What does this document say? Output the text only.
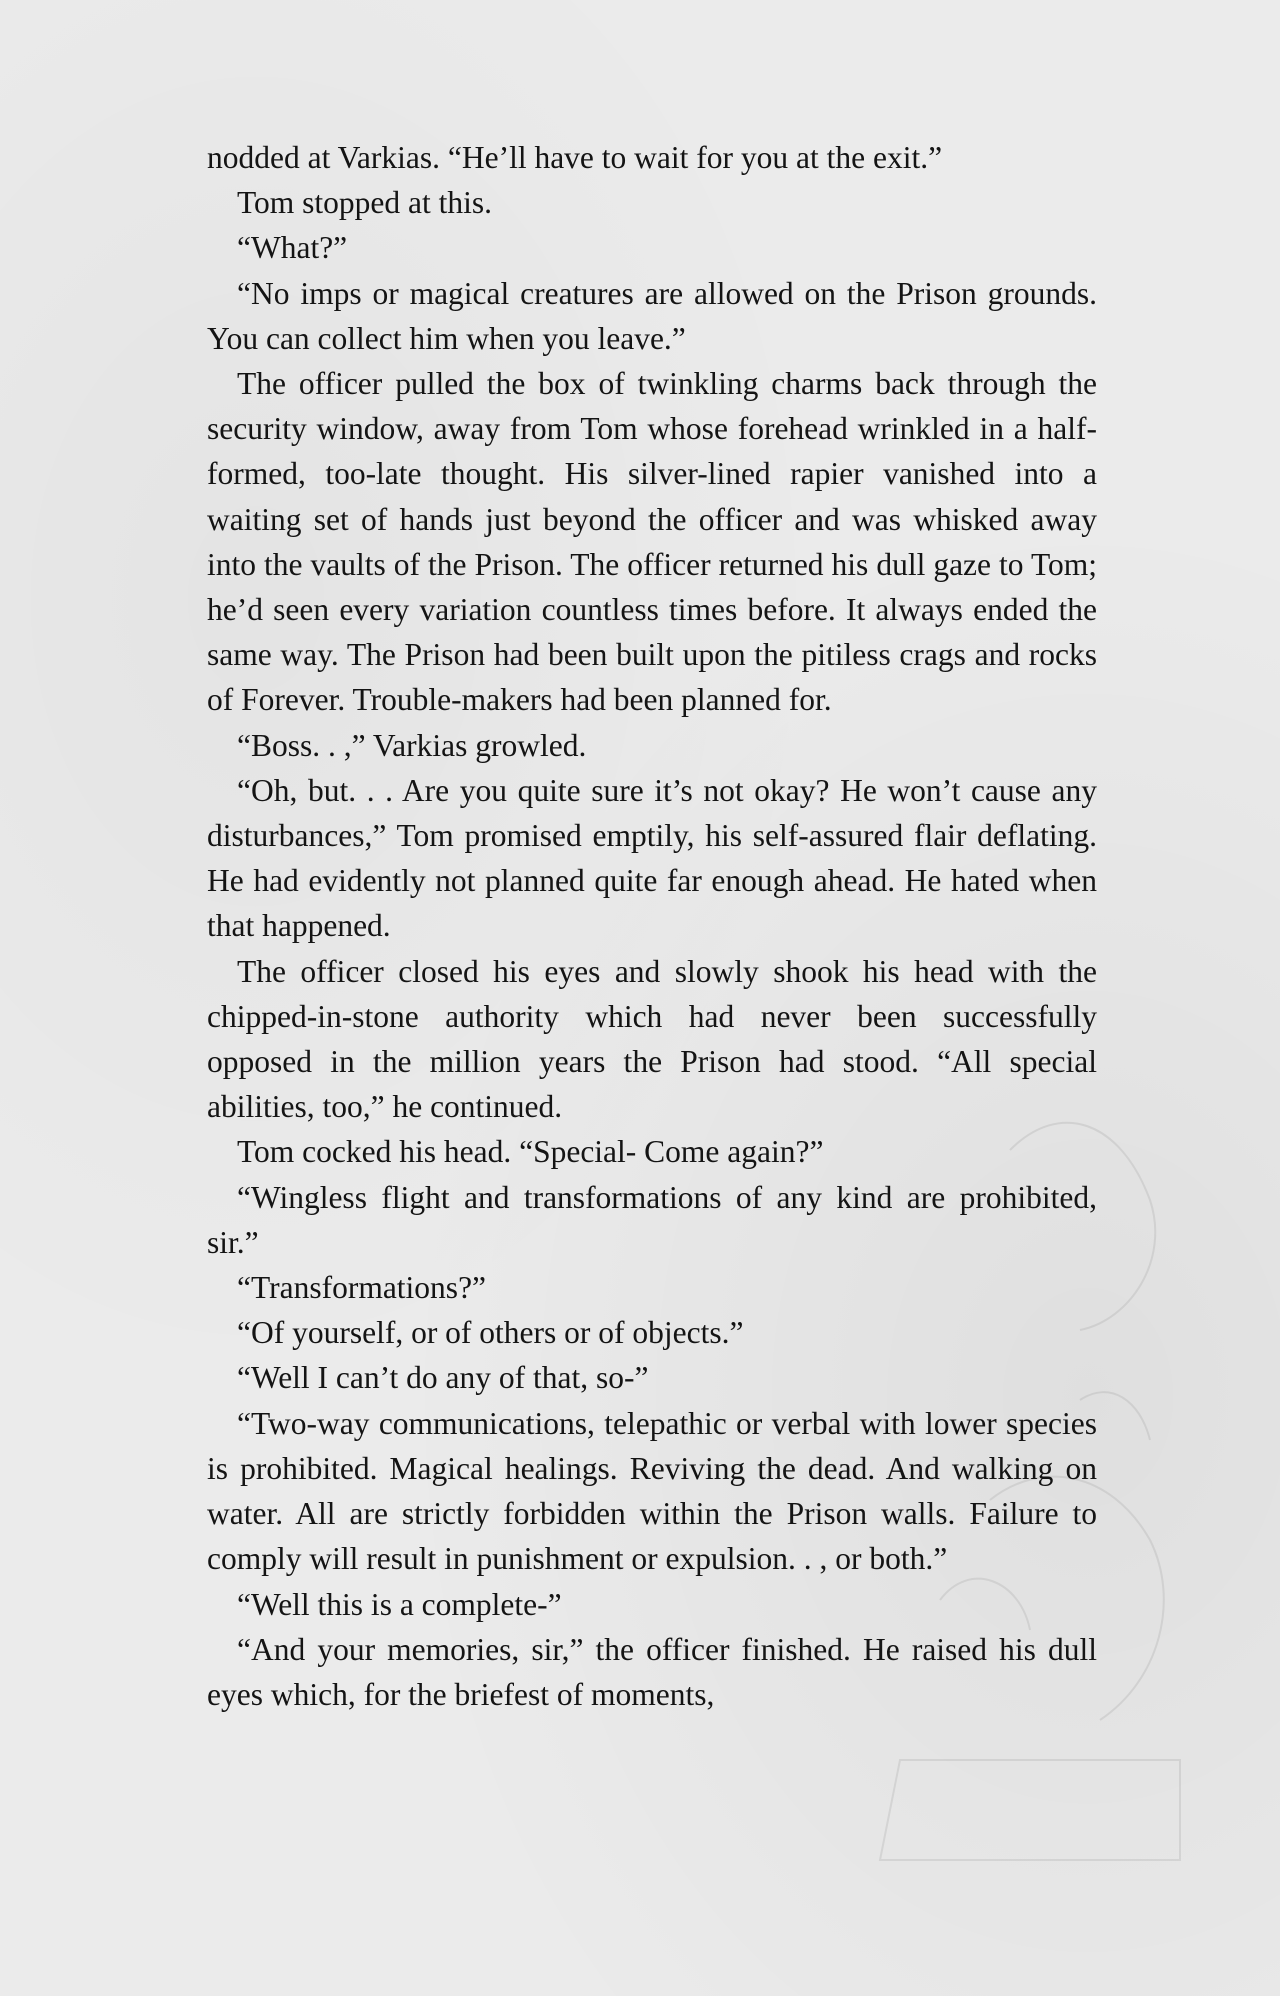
nodded at Varkias. “He’ll have to wait for you at the exit.”

Tom stopped at this.

“What?”

“No imps or magical creatures are allowed on the Prison grounds. You can collect him when you leave.”

The officer pulled the box of twinkling charms back through the security window, away from Tom whose forehead wrinkled in a half-formed, too-late thought. His silver-lined rapier vanished into a waiting set of hands just beyond the officer and was whisked away into the vaults of the Prison. The officer returned his dull gaze to Tom; he’d seen every variation countless times before. It always ended the same way. The Prison had been built upon the pitiless crags and rocks of Forever. Trouble-makers had been planned for.

“Boss. . ,” Varkias growled.

“Oh, but. . . Are you quite sure it’s not okay? He won’t cause any disturbances,” Tom promised emptily, his self-assured flair deflating. He had evidently not planned quite far enough ahead. He hated when that happened.

The officer closed his eyes and slowly shook his head with the chipped-in-stone authority which had never been successfully opposed in the million years the Prison had stood. “All special abilities, too,” he continued.

Tom cocked his head. “Special- Come again?”

“Wingless flight and transformations of any kind are prohibited, sir.”

“Transformations?”

“Of yourself, or of others or of objects.”

“Well I can’t do any of that, so-”

“Two-way communications, telepathic or verbal with lower species is prohibited. Magical healings. Reviving the dead. And walking on water. All are strictly forbidden within the Prison walls. Failure to comply will result in punishment or expulsion. . , or both.”

“Well this is a complete-”

“And your memories, sir,” the officer finished. He raised his dull eyes which, for the briefest of moments,
